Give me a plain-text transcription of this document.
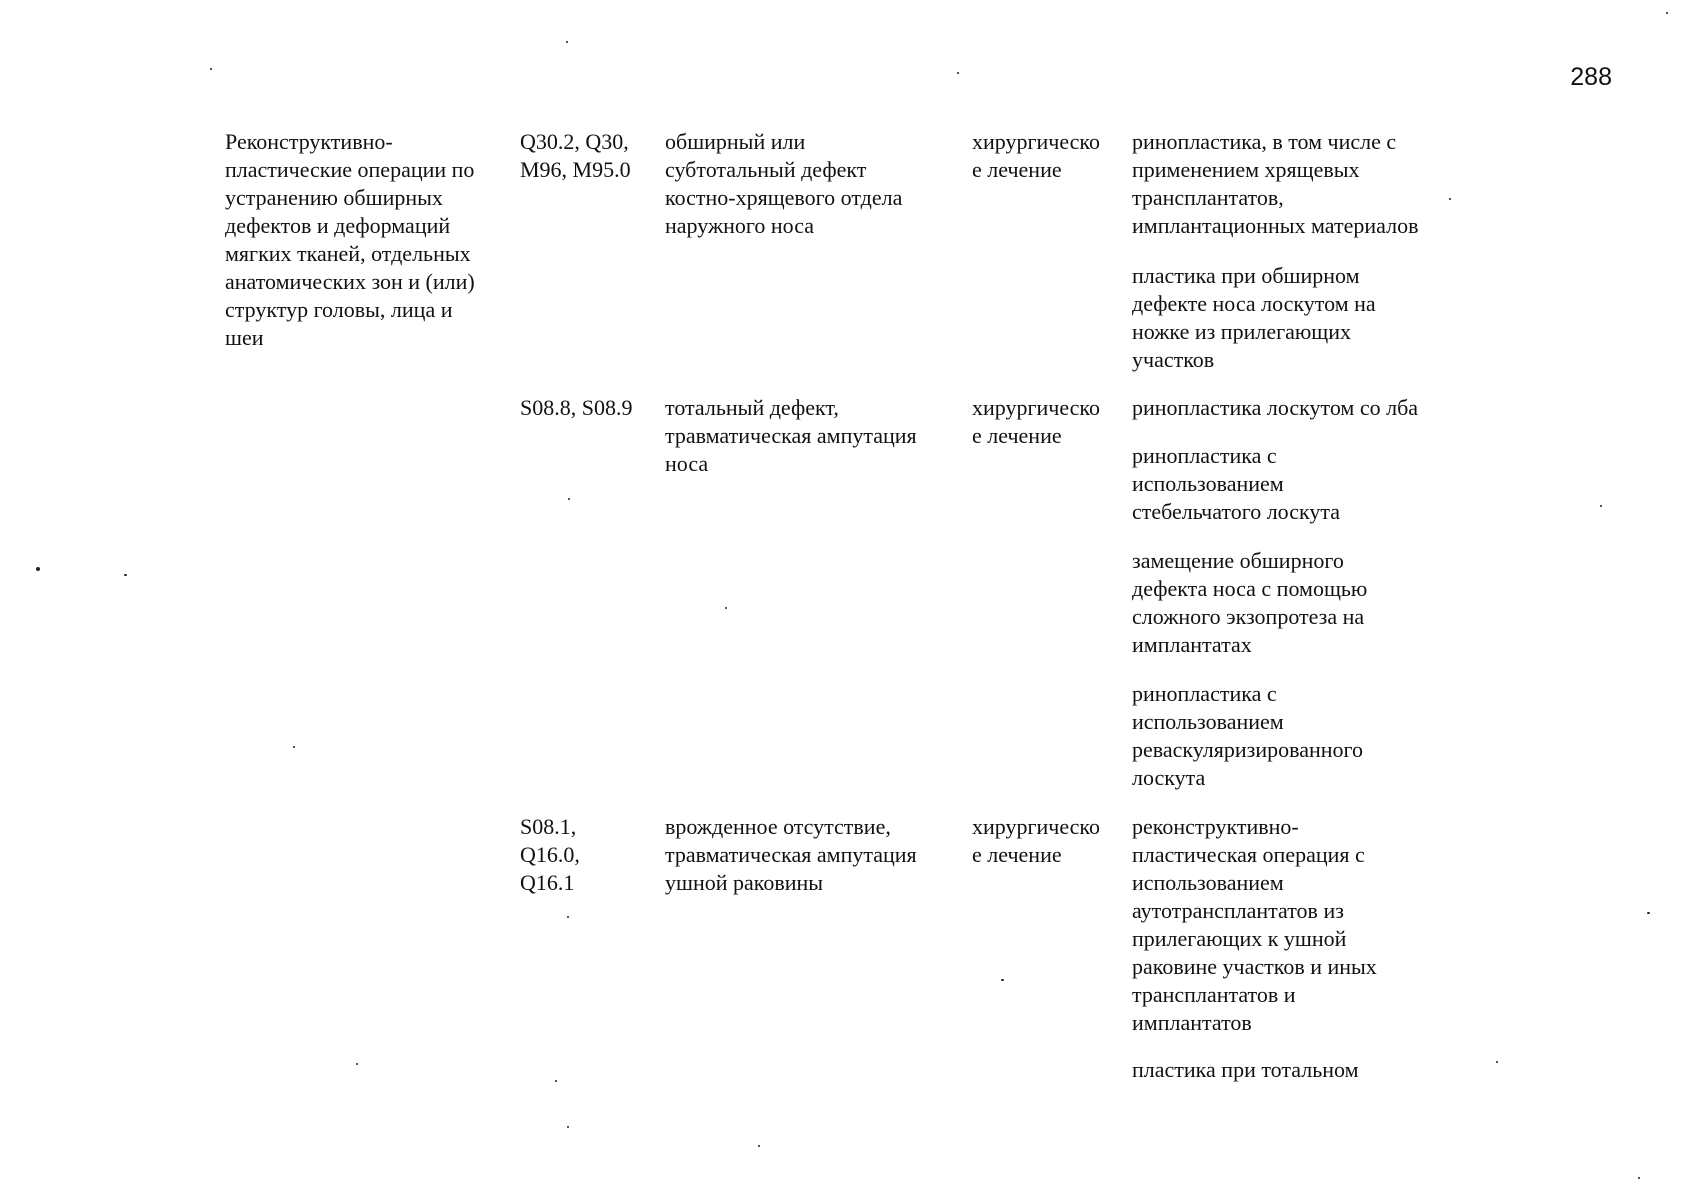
288
Реконструктивно-
пластические операции по
устранению обширных
дефектов и деформаций
мягких тканей, отдельных
анатомических зон и (или)
структур головы, лица и
шеи
Q30.2, Q30,
M96, M95.0
обширный или
субтотальный дефект
костно-хрящевого отдела
наружного носа
хирургическо
е лечение
ринопластика, в том числе с
применением хрящевых
трансплантатов,
имплантационных материалов
пластика при обширном
дефекте носа лоскутом на
ножке из прилегающих
участков
S08.8, S08.9	тотальный дефект,
травматическая ампутация
носа
хирургическо
е лечение
ринопластика лоскутом со лба
ринопластика с
использованием
стебельчатого лоскута
замещение обширного
дефекта носа с помощью
сложного экзопротеза на
имплантатах
ринопластика с
использованием
реваскуляризированного
лоскута
S08.1,
Q16.0,
Q16.1
врожденное отсутствие,
травматическая ампутация
ушной раковины
хирургическо
е лечение
реконструктивно-
пластическая операция с
использованием
аутотрансплантатов из
прилегающих к ушной
раковине участков и иных
трансплантатов и
имплантатов
пластика при тотальном
